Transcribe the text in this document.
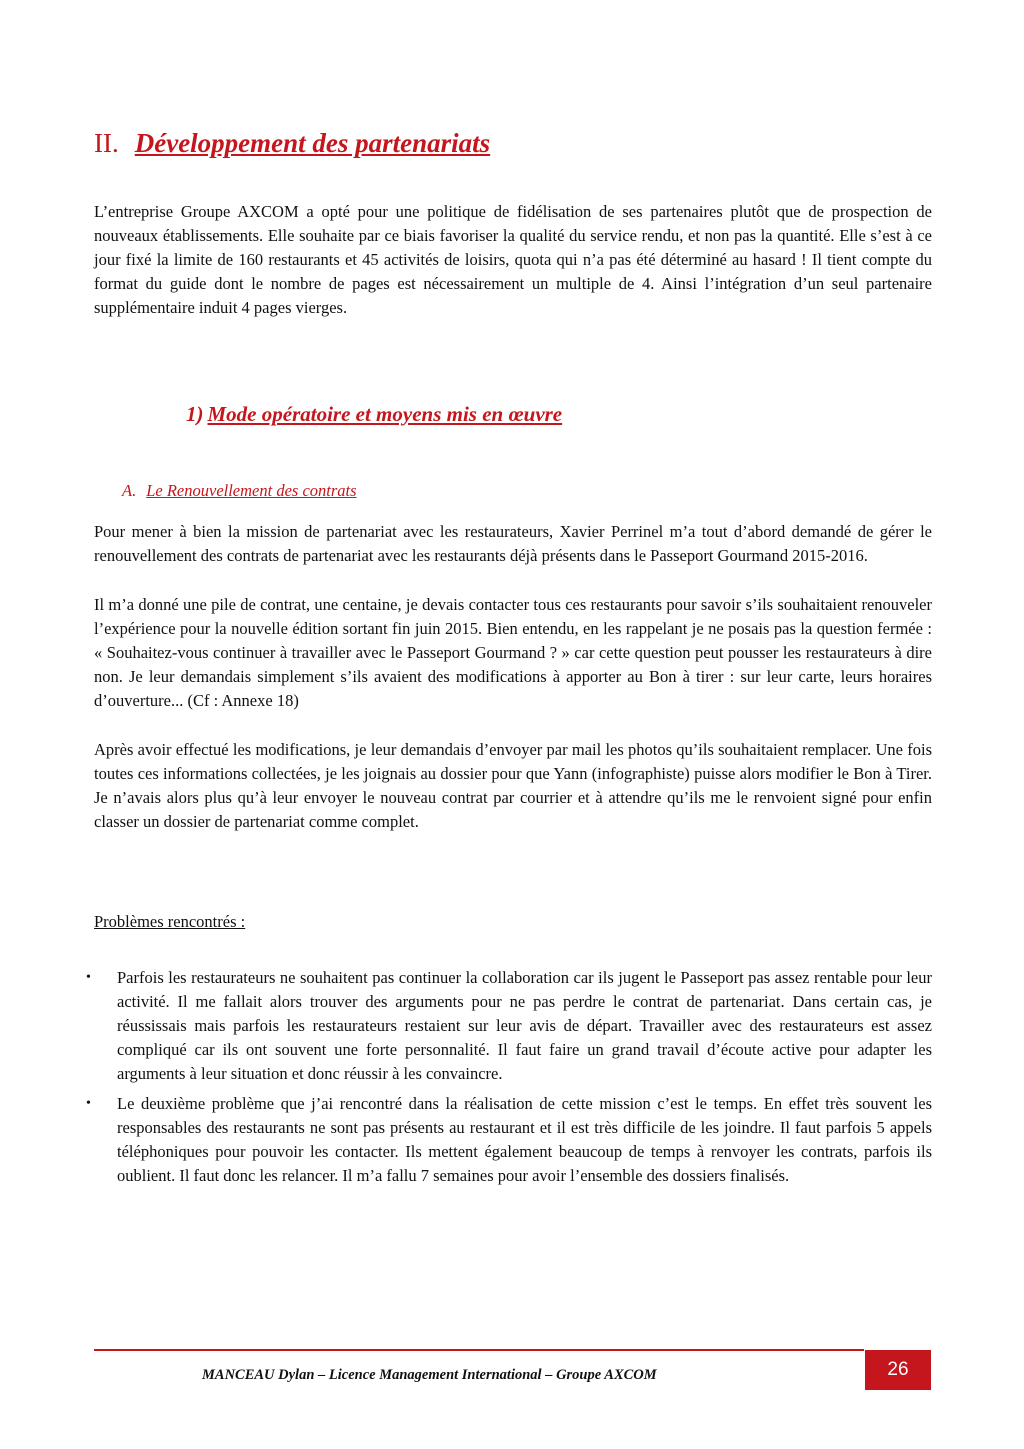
II. Développement des partenariats

L’entreprise Groupe AXCOM a opté pour une politique de fidélisation de ses partenaires plutôt que de prospection de nouveaux établissements. Elle souhaite par ce biais favoriser la qualité du service rendu, et non pas la quantité. Elle s’est à ce jour fixé la limite de 160 restaurants et 45 activités de loisirs, quota qui n’a pas été déterminé au hasard ! Il tient compte du format du guide dont le nombre de pages est nécessairement un multiple de 4. Ainsi l’intégration d’un seul partenaire supplémentaire induit 4 pages vierges.

1) Mode opératoire et moyens mis en œuvre
A. Le Renouvellement des contrats

Pour mener à bien la mission de partenariat avec les restaurateurs, Xavier Perrinel m’a tout d’abord demandé de gérer le renouvellement des contrats de partenariat avec les restaurants déjà présents dans le Passeport Gourmand 2015-2016.

Il m’a donné une pile de contrat, une centaine, je devais contacter tous ces restaurants pour savoir s’ils souhaitaient renouveler l’expérience pour la nouvelle édition sortant fin juin 2015. Bien entendu, en les rappelant je ne posais pas la question fermée : « Souhaitez-vous continuer à travailler avec le Passeport Gourmand ? » car cette question peut pousser les restaurateurs à dire non. Je leur demandais simplement s’ils avaient des modifications à apporter au Bon à tirer : sur leur carte, leurs horaires d’ouverture... (Cf : Annexe 18)

Après avoir effectué les modifications, je leur demandais d’envoyer par mail les photos qu’ils souhaitaient remplacer. Une fois toutes ces informations collectées, je les joignais au dossier pour que Yann (infographiste) puisse alors modifier le Bon à Tirer. Je n’avais alors plus qu’à leur envoyer le nouveau contrat par courrier et à attendre qu’ils me le renvoient signé pour enfin classer un dossier de partenariat comme complet.

Problèmes rencontrés :

• Parfois les restaurateurs ne souhaitent pas continuer la collaboration car ils jugent le Passeport pas assez rentable pour leur activité. Il me fallait alors trouver des arguments pour ne pas perdre le contrat de partenariat. Dans certain cas, je réussissais mais parfois les restaurateurs restaient sur leur avis de départ. Travailler avec des restaurateurs est assez compliqué car ils ont souvent une forte personnalité. Il faut faire un grand travail d’écoute active pour adapter les arguments à leur situation et donc réussir à les convaincre.
• Le deuxième problème que j’ai rencontré dans la réalisation de cette mission c’est le temps. En effet très souvent les responsables des restaurants ne sont pas présents au restaurant et il est très difficile de les joindre. Il faut parfois 5 appels téléphoniques pour pouvoir les contacter. Ils mettent également beaucoup de temps à renvoyer les contrats, parfois ils oublient. Il faut donc les relancer. Il m’a fallu 7 semaines pour avoir l’ensemble des dossiers finalisés.

MANCEAU Dylan – Licence Management International – Groupe AXCOM	26
